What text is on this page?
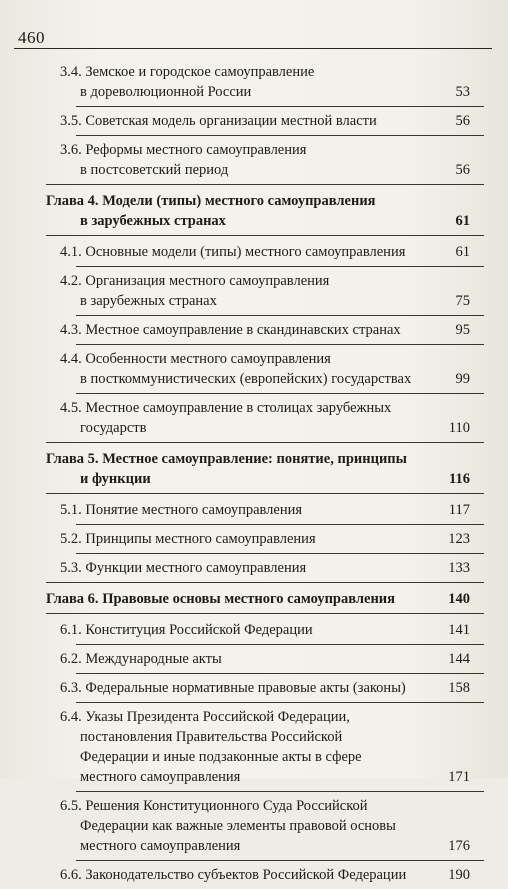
460
3.4. Земское и городское самоуправление
в дореволюционной России	53
3.5. Советская модель организации местной власти	56
3.6. Реформы местного самоуправления
в постсоветский период	56
Глава 4. Модели (типы) местного самоуправления
в зарубежных странах	61
4.1. Основные модели (типы) местного самоуправления	61
4.2. Организация местного самоуправления
в зарубежных странах	75
4.3. Местное самоуправление в скандинавских странах	95
4.4. Особенности местного самоуправления
в посткоммунистических (европейских) государствах	99
4.5. Местное самоуправление в столицах зарубежных
государств	110
Глава 5. Местное самоуправление: понятие, принципы
и функции	116
5.1. Понятие местного самоуправления	117
5.2. Принципы местного самоуправления	123
5.3. Функции местного самоуправления	133
Глава 6. Правовые основы местного самоуправления	140
6.1. Конституция Российской Федерации	141
6.2. Международные акты	144
6.3. Федеральные нормативные правовые акты (законы)	158
6.4. Указы Президента Российской Федерации,
постановления Правительства Российской
Федерации и иные подзаконные акты в сфере
местного самоуправления	171
6.5. Решения Конституционного Суда Российской
Федерации как важные элементы правовой основы
местного самоуправления	176
6.6. Законодательство субъектов Российской Федерации	190
